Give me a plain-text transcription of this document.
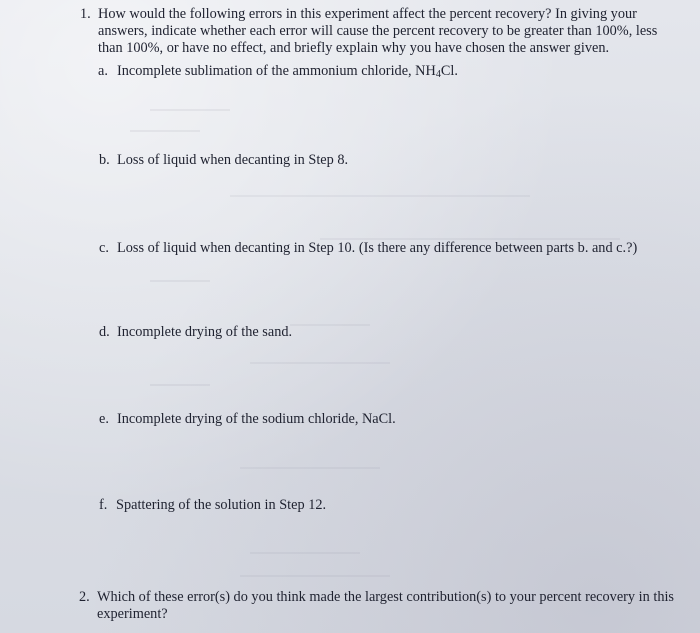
1. How would the following errors in this experiment affect the percent recovery? In giving your answers, indicate whether each error will cause the percent recovery to be greater than 100%, less than 100%, or have no effect, and briefly explain why you have chosen the answer given.
a. Incomplete sublimation of the ammonium chloride, $NH_4Cl$.
b. Loss of liquid when decanting in Step 8.
c. Loss of liquid when decanting in Step 10. (Is there any difference between parts b. and c.?)
d. Incomplete drying of the sand.
e. Incomplete drying of the sodium chloride, NaCl.
f. Spattering of the solution in Step 12.
2. Which of these error(s) do you think made the largest contribution(s) to your percent recovery in this experiment?
